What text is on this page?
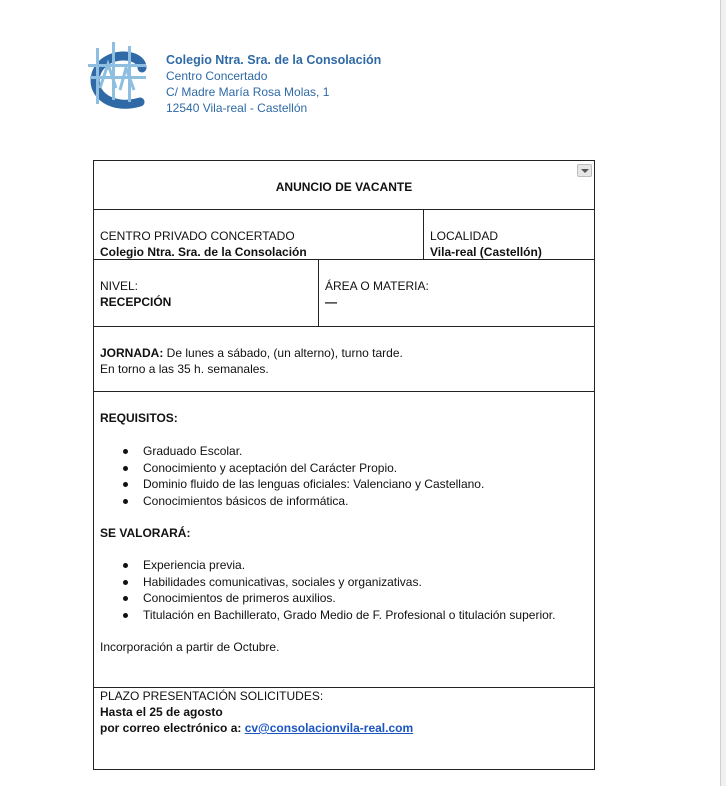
Colegio Ntra. Sra. de la Consolación
Centro Concertado
C/ Madre María Rosa Molas, 1
12540 Vila-real - Castellón
ANUNCIO DE VACANTE
CENTRO PRIVADO CONCERTADO
Colegio Ntra. Sra. de la Consolación
LOCALIDAD
Vila-real (Castellón)
NIVEL:
RECEPCIÓN
ÁREA O MATERIA:
—
JORNADA: De lunes a sábado, (un alterno), turno tarde.
En torno a las 35 h. semanales.
REQUISITOS:
Graduado Escolar.
Conocimiento y aceptación del Carácter Propio.
Dominio fluido de las lenguas oficiales: Valenciano y Castellano.
Conocimientos básicos de informática.
SE VALORARÁ:
Experiencia previa.
Habilidades comunicativas, sociales y organizativas.
Conocimientos de primeros auxilios.
Titulación en Bachillerato, Grado Medio de F. Profesional o titulación superior.
Incorporación a partir de Octubre.
PLAZO PRESENTACIÓN SOLICITUDES:
Hasta el 25 de agosto
por correo electrónico a: cv@consolacionvila-real.com
